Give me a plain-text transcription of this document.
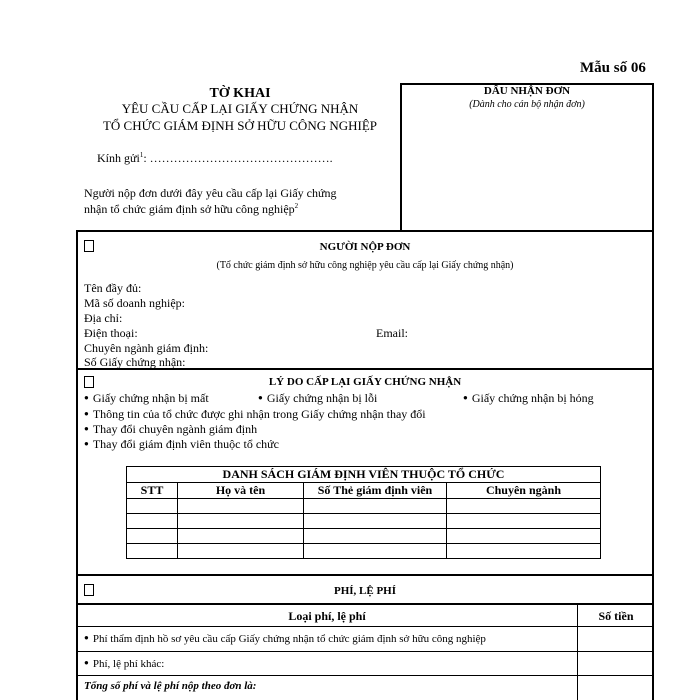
Mẫu số 06
TỜ KHAI
YÊU CẦU CẤP LẠI GIẤY CHỨNG NHẬN
TỔ CHỨC GIÁM ĐỊNH SỞ HỮU CÔNG NGHIỆP
DẤU NHẬN ĐƠN
(Dành cho cán bộ nhận đơn)
Kính gửi$^1$: ……………………………………….
Người nộp đơn dưới đây yêu cầu cấp lại Giấy chứng
nhận tổ chức giám định sở hữu công nghiệp$^2$
NGƯỜI NỘP ĐƠN
(Tổ chức giám định sở hữu công nghiệp yêu cầu cấp lại Giấy chứng nhận)
Tên đầy đủ:
Mã số doanh nghiệp:
Địa chỉ:
Điện thoại:	Email:
Chuyên ngành giám định:
Số Giấy chứng nhận:
LÝ DO CẤP LẠI GIẤY CHỨNG NHẬN
● Giấy chứng nhận bị mất	● Giấy chứng nhận bị lỗi	● Giấy chứng nhận bị hỏng
● Thông tin của tổ chức được ghi nhận trong Giấy chứng nhận thay đổi
● Thay đổi chuyên ngành giám định
● Thay đổi giám định viên thuộc tổ chức
DANH SÁCH GIÁM ĐỊNH VIÊN THUỘC TỔ CHỨC			
STT	Họ và tên	Số Thẻ giám định viên	Chuyên ngành

PHÍ, LỆ PHÍ
Loại phí, lệ phí	Số tiền
● Phí thẩm định hồ sơ yêu cầu cấp Giấy chứng nhận tổ chức giám định sở hữu công nghiệp
● Phí, lệ phí khác:
Tổng số phí và lệ phí nộp theo đơn là:
